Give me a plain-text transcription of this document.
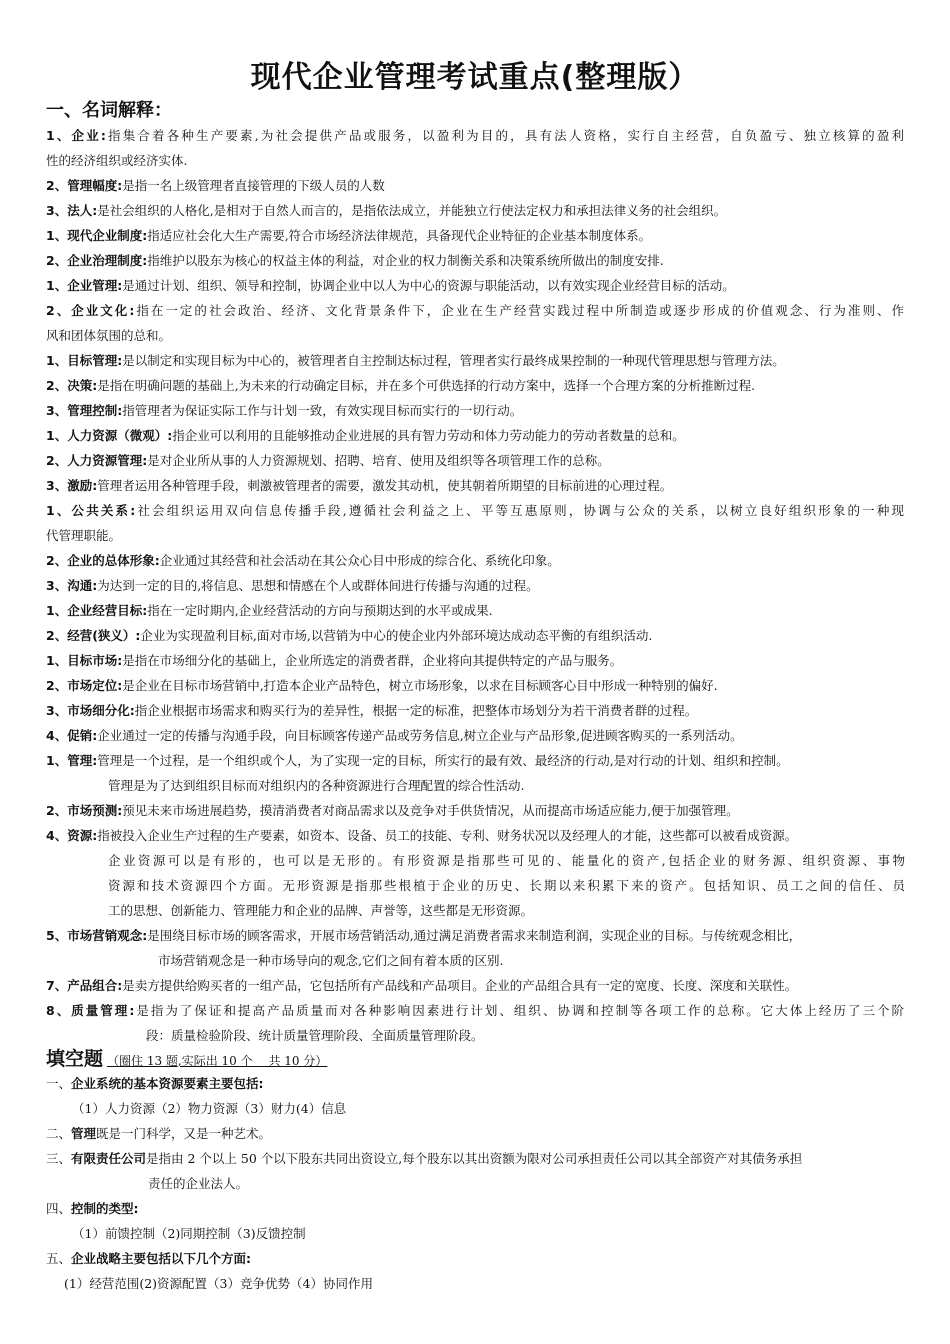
现代企业管理考试重点(整理版）
一、名词解释：
1、企业:指集合着各种生产要素,为社会提供产品或服务，以盈利为目的，具有法人资格，实行自主经营，自负盈亏、独立核算的盈利
性的经济组织或经济实体.
2、管理幅度:是指一名上级管理者直接管理的下级人员的人数
3、法人:是社会组织的人格化,是相对于自然人而言的，是指依法成立，并能独立行使法定权力和承担法律义务的社会组织。
1、现代企业制度:指适应社会化大生产需要,符合市场经济法律规范，具备现代企业特征的企业基本制度体系。
2、企业治理制度:指维护以股东为核心的权益主体的利益，对企业的权力制衡关系和决策系统所做出的制度安排.
1、企业管理:是通过计划、组织、领导和控制，协调企业中以人为中心的资源与职能活动，以有效实现企业经营目标的活动。
2、企业文化:指在一定的社会政治、经济、文化背景条件下，企业在生产经营实践过程中所制造或逐步形成的价值观念、行为准则、作
风和团体氛围的总和。
1、目标管理:是以制定和实现目标为中心的，被管理者自主控制达标过程，管理者实行最终成果控制的一种现代管理思想与管理方法。
2、决策:是指在明确问题的基础上,为未来的行动确定目标，并在多个可供选择的行动方案中，选择一个合理方案的分析推断过程.
3、管理控制:指管理者为保证实际工作与计划一致，有效实现目标而实行的一切行动。
1、人力资源（微观）:指企业可以利用的且能够推动企业进展的具有智力劳动和体力劳动能力的劳动者数量的总和。
2、人力资源管理:是对企业所从事的人力资源规划、招聘、培育、使用及组织等各项管理工作的总称。
3、激励:管理者运用各种管理手段，刺激被管理者的需要，激发其动机，使其朝着所期望的目标前进的心理过程。
1、公共关系:社会组织运用双向信息传播手段,遵循社会利益之上、平等互惠原则，协调与公众的关系，以树立良好组织形象的一种现
代管理职能。
2、企业的总体形象:企业通过其经营和社会活动在其公众心目中形成的综合化、系统化印象。
3、沟通:为达到一定的目的,将信息、思想和情感在个人或群体间进行传播与沟通的过程。
1、企业经营目标:指在一定时期内,企业经营活动的方向与预期达到的水平或成果.
2、经营(狭义）:企业为实现盈利目标,面对市场,以营销为中心的使企业内外部环境达成动态平衡的有组织活动.
1、目标市场:是指在市场细分化的基础上，企业所选定的消费者群，企业将向其提供特定的产品与服务。
2、市场定位:是企业在目标市场营销中,打造本企业产品特色，树立市场形象，以求在目标顾客心目中形成一种特别的偏好.
3、市场细分化:指企业根据市场需求和购买行为的差异性，根据一定的标准，把整体市场划分为若干消费者群的过程。
4、促销:企业通过一定的传播与沟通手段，向目标顾客传递产品或劳务信息,树立企业与产品形象,促进顾客购买的一系列活动。
1、管理:管理是一个过程，是一个组织或个人，为了实现一定的目标，所实行的最有效、最经济的行动,是对行动的计划、组织和控制。
管理是为了达到组织目标而对组织内的各种资源进行合理配置的综合性活动.
2、市场预测:预见未来市场进展趋势，摸清消费者对商品需求以及竞争对手供货情况，从而提高市场适应能力,便于加强管理。
4、资源:指被投入企业生产过程的生产要素，如资本、设备、员工的技能、专利、财务状况以及经理人的才能，这些都可以被看成资源。
企业资源可以是有形的，也可以是无形的。有形资源是指那些可见的、能量化的资产,包括企业的财务源、组织资源、事物
资源和技术资源四个方面。无形资源是指那些根植于企业的历史、长期以来积累下来的资产。包括知识、员工之间的信任、员
工的思想、创新能力、管理能力和企业的品牌、声誉等，这些都是无形资源。
5、市场营销观念:是围绕目标市场的顾客需求，开展市场营销活动,通过满足消费者需求来制造利润，实现企业的目标。与传统观念相比，
市场营销观念是一种市场导向的观念,它们之间有着本质的区别.
7、产品组合:是卖方提供给购买者的一组产品，它包括所有产品线和产品项目。企业的产品组合具有一定的宽度、长度、深度和关联性。
8、质量管理:是指为了保证和提高产品质量而对各种影响因素进行计划、组织、协调和控制等各项工作的总称。它大体上经历了三个阶
段：质量检验阶段、统计质量管理阶段、全面质量管理阶段。
填空题 （圈住 13 题,实际出 10 个　 共 10 分）
一、企业系统的基本资源要素主要包括:
（1）人力资源（2）物力资源（3）财力(4）信息
二、管理既是一门科学，又是一种艺术。
三、有限责任公司是指由 2 个以上 50 个以下股东共同出资设立,每个股东以其出资额为限对公司承担责任公司以其全部资产对其债务承担
责任的企业法人。
四、控制的类型:
（1）前馈控制（2)同期控制（3)反馈控制
五、企业战略主要包括以下几个方面:
(1）经营范围(2)资源配置（3）竞争优势（4）协同作用
